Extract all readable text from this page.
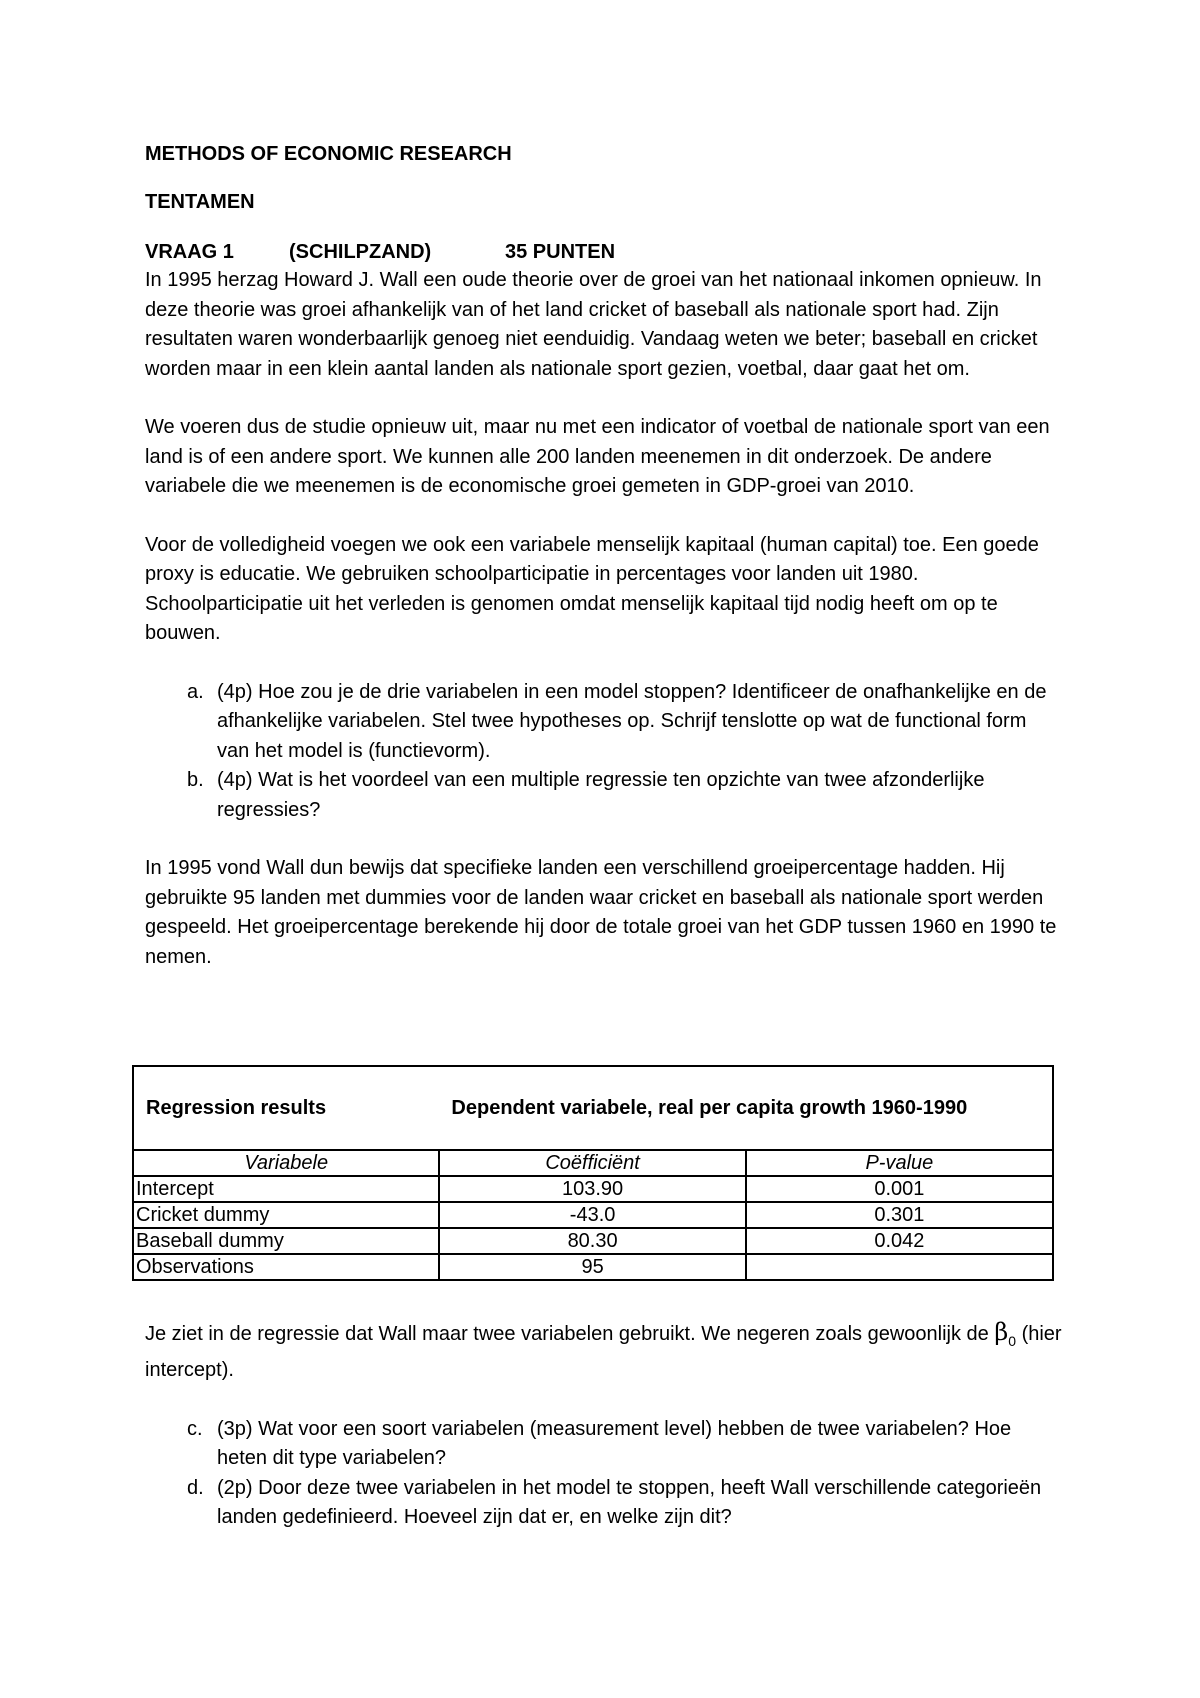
METHODS OF ECONOMIC RESEARCH

TENTAMEN

VRAAG 1	(SCHILPZAND)	35 PUNTEN

In 1995 herzag Howard J. Wall een oude theorie over de groei van het nationaal inkomen opnieuw. In deze theorie was groei afhankelijk van of het land cricket of baseball als nationale sport had. Zijn resultaten waren wonderbaarlijk genoeg niet eenduidig. Vandaag weten we beter; baseball en cricket worden maar in een klein aantal landen als nationale sport gezien, voetbal, daar gaat het om.

We voeren dus de studie opnieuw uit, maar nu met een indicator of voetbal de nationale sport van een land is of een andere sport. We kunnen alle 200 landen meenemen in dit onderzoek. De andere variabele die we meenemen is de economische groei gemeten in GDP-groei van 2010.

Voor de volledigheid voegen we ook een variabele menselijk kapitaal (human capital) toe. Een goede proxy is educatie. We gebruiken schoolparticipatie in percentages voor landen uit 1980. Schoolparticipatie uit het verleden is genomen omdat menselijk kapitaal tijd nodig heeft om op te bouwen.

a. (4p) Hoe zou je de drie variabelen in een model stoppen? Identificeer de onafhankelijke en de afhankelijke variabelen. Stel twee hypotheses op. Schrijf tenslotte op wat de functional form van het model is (functievorm).
b. (4p) Wat is het voordeel van een multiple regressie ten opzichte van twee afzonderlijke regressies?

In 1995 vond Wall dun bewijs dat specifieke landen een verschillend groeipercentage hadden. Hij gebruikte 95 landen met dummies voor de landen waar cricket en baseball als nationale sport werden gespeeld. Het groeipercentage berekende hij door de totale groei van het GDP tussen 1960 en 1990 te nemen.

Regression results	Dependent variabele, real per capita growth 1960-1990	
Variabele	Coëfficiënt	P-value
Intercept	103.90	0.001
Cricket dummy	-43.0	0.301
Baseball dummy	80.30	0.042
Observations	95	

Je ziet in de regressie dat Wall maar twee variabelen gebruikt. We negeren zoals gewoonlijk de $\beta_0$ (hier intercept).

c. (3p) Wat voor een soort variabelen (measurement level) hebben de twee variabelen? Hoe heten dit type variabelen?
d. (2p) Door deze twee variabelen in het model te stoppen, heeft Wall verschillende categorieën landen gedefinieerd. Hoeveel zijn dat er, en welke zijn dit?
